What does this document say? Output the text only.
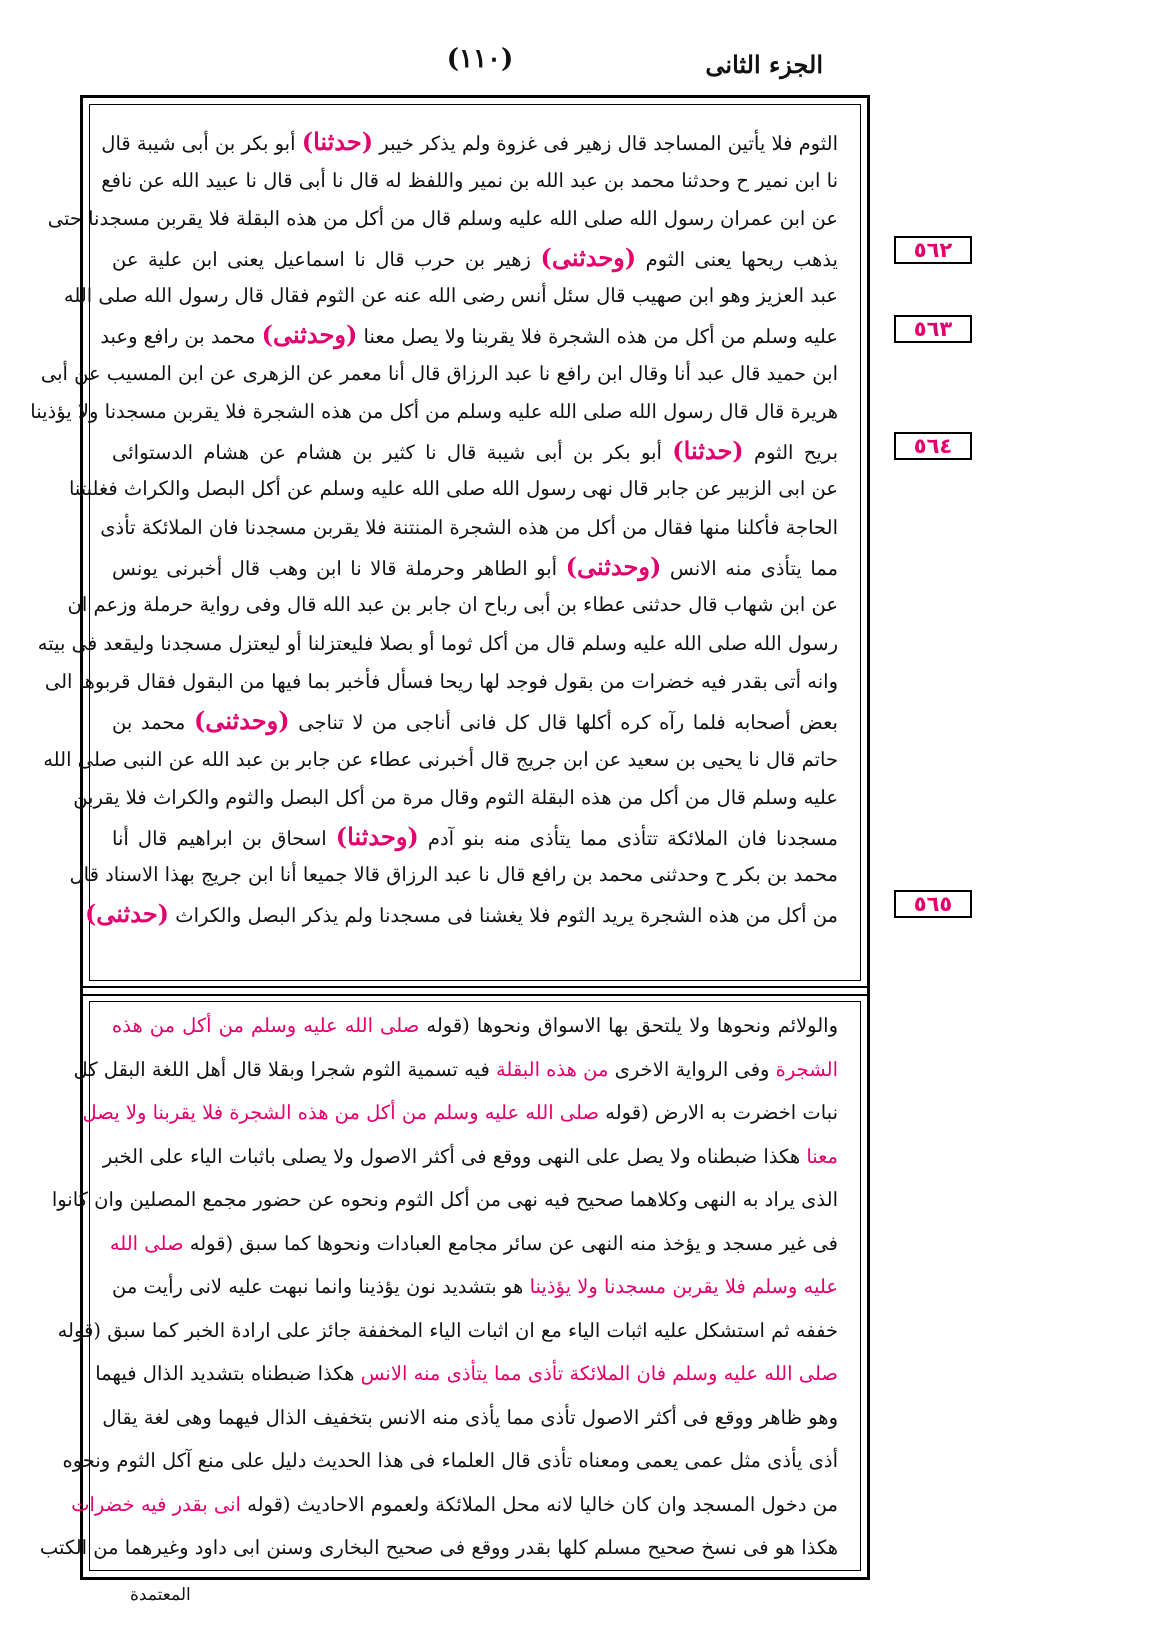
الجزء الثانى
(١١٠)
الثوم فلا يأتين المساجد قال زهير فى غزوة ولم يذكر خيبر (حدثنا) أبو بكر بن أبى شيبة قال
نا ابن نمير ح وحدثنا محمد بن عبد الله بن نمير واللفظ له قال نا أبى قال نا عبيد الله عن نافع
عن ابن عمران رسول الله صلى الله عليه وسلم قال من أكل من هذه البقلة فلا يقربن مسجدنا حتى
يذهب ريحها يعنى الثوم (وحدثنى) زهير بن حرب قال نا اسماعيل يعنى ابن علية عن
عبد العزيز وهو ابن صهيب قال سئل أنس رضى الله عنه عن الثوم فقال قال رسول الله صلى الله
عليه وسلم من أكل من هذه الشجرة فلا يقربنا ولا يصل معنا (وحدثنى) محمد بن رافع وعبد
ابن حميد قال عبد أنا وقال ابن رافع نا عبد الرزاق قال أنا معمر عن الزهرى عن ابن المسيب عن أبى
هريرة قال قال رسول الله صلى الله عليه وسلم من أكل من هذه الشجرة فلا يقربن مسجدنا ولا يؤذينا
بريح الثوم (حدثنا) أبو بكر بن أبى شيبة قال نا كثير بن هشام عن هشام الدستوائى
عن ابى الزبير عن جابر قال نهى رسول الله صلى الله عليه وسلم عن أكل البصل والكراث فغلبتنا
الحاجة فأكلنا منها فقال من أكل من هذه الشجرة المنتنة فلا يقربن مسجدنا فان الملائكة تأذى
مما يتأذى منه الانس (وحدثنى) أبو الطاهر وحرملة قالا نا ابن وهب قال أخبرنى يونس
عن ابن شهاب قال حدثنى عطاء بن أبى رباح ان جابر بن عبد الله قال وفى رواية حرملة وزعم ان
رسول الله صلى الله عليه وسلم قال من أكل ثوما أو بصلا فليعتزلنا أو ليعتزل مسجدنا وليقعد فى بيته
وانه أتى بقدر فيه خضرات من بقول فوجد لها ريحا فسأل فأخبر بما فيها من البقول فقال قربوها الى
بعض أصحابه فلما رآه كره أكلها قال كل فانى أناجى من لا تناجى (وحدثنى) محمد بن
حاتم قال نا يحيى بن سعيد عن ابن جريج قال أخبرنى عطاء عن جابر بن عبد الله عن النبى صلى الله
عليه وسلم قال من أكل من هذه البقلة الثوم وقال مرة من أكل البصل والثوم والكراث فلا يقربن
مسجدنا فان الملائكة تتأذى مما يتأذى منه بنو آدم (وحدثنا) اسحاق بن ابراهيم قال أنا
محمد بن بكر ح وحدثنى محمد بن رافع قال نا عبد الرزاق قالا جميعا أنا ابن جريج بهذا الاسناد قال
من أكل من هذه الشجرة يريد الثوم فلا يغشنا فى مسجدنا ولم يذكر البصل والكراث (حدثنى)
والولائم ونحوها ولا يلتحق بها الاسواق ونحوها (قوله صلى الله عليه وسلم من أكل من هذه
الشجرة وفى الرواية الاخرى من هذه البقلة فيه تسمية الثوم شجرا وبقلا قال أهل اللغة البقل كل
نبات اخضرت به الارض (قوله صلى الله عليه وسلم من أكل من هذه الشجرة فلا يقربنا ولا يصل
معنا هكذا ضبطناه ولا يصل على النهى ووقع فى أكثر الاصول ولا يصلى باثبات الياء على الخبر
الذى يراد به النهى وكلاهما صحيح فيه نهى من أكل الثوم ونحوه عن حضور مجمع المصلين وان كانوا
فى غير مسجد و يؤخذ منه النهى عن سائر مجامع العبادات ونحوها كما سبق (قوله صلى الله
عليه وسلم فلا يقربن مسجدنا ولا يؤذينا هو بتشديد نون يؤذينا وانما نبهت عليه لانى رأيت من
خففه ثم استشكل عليه اثبات الياء مع ان اثبات الياء المخففة جائز على ارادة الخبر كما سبق (قوله
صلى الله عليه وسلم فان الملائكة تأذى مما يتأذى منه الانس هكذا ضبطناه بتشديد الذال فيهما
وهو ظاهر ووقع فى أكثر الاصول تأذى مما يأذى منه الانس بتخفيف الذال فيهما وهى لغة يقال
أذى يأذى مثل عمى يعمى ومعناه تأذى قال العلماء فى هذا الحديث دليل على منع آكل الثوم ونحوه
من دخول المسجد وان كان خاليا لانه محل الملائكة ولعموم الاحاديث (قوله انى بقدر فيه خضرات
هكذا هو فى نسخ صحيح مسلم كلها بقدر ووقع فى صحيح البخارى وسنن ابى داود وغيرهما من الكتب
٥٦٢
٥٦٣
٥٦٤
٥٦٥
المعتمدة
